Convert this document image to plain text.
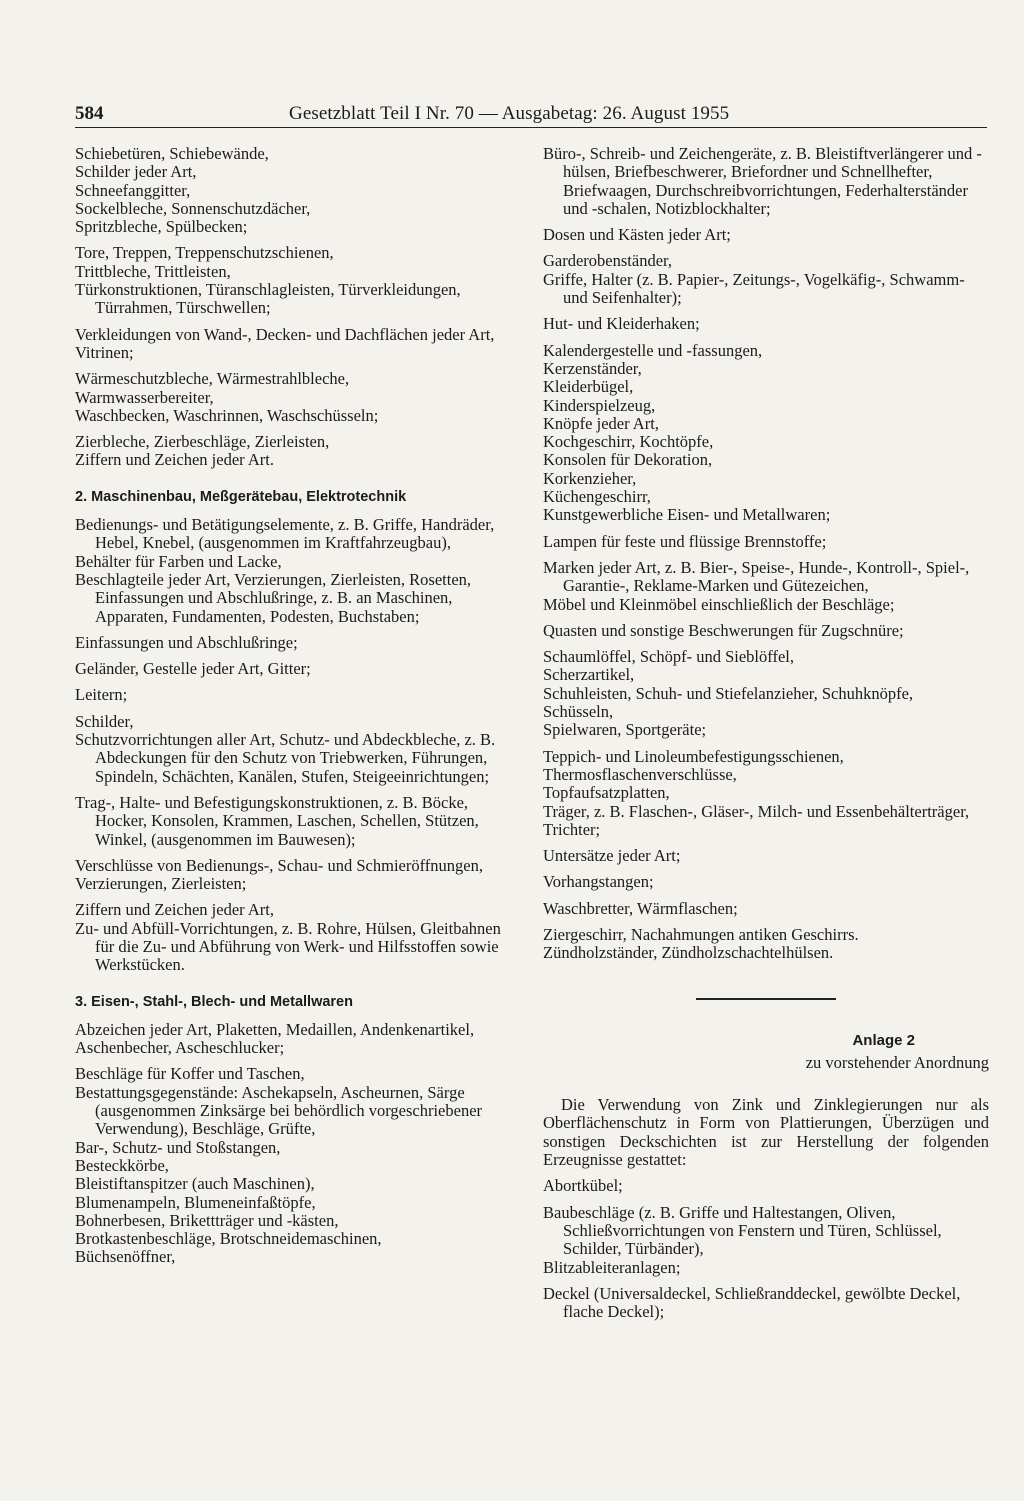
584	Gesetzblatt Teil I Nr. 70 — Ausgabetag: 26. August 1955
Schiebetüren, Schiebewände,
Schilder jeder Art,
Schneefanggitter,
Sockelbleche, Sonnenschutzdächer,
Spritzbleche, Spülbecken;
Tore, Treppen, Treppenschutzschienen,
Trittbleche, Trittleisten,
Türkonstruktionen, Türanschlagleisten, Türverkleidungen, Türrahmen, Türschwellen;
Verkleidungen von Wand-, Decken- und Dachflächen jeder Art,
Vitrinen;
Wärmeschutzbleche, Wärmestrahlbleche,
Warmwasserbereiter,
Waschbecken, Waschrinnen, Waschschüsseln;
Zierbleche, Zierbeschläge, Zierleisten,
Ziffern und Zeichen jeder Art.
2. Maschinenbau, Meßgerätebau, Elektrotechnik
Bedienungs- und Betätigungselemente, z. B. Griffe, Handräder, Hebel, Knebel, (ausgenommen im Kraftfahrzeugbau),
Behälter für Farben und Lacke,
Beschlagteile jeder Art, Verzierungen, Zierleisten, Rosetten, Einfassungen und Abschlußringe, z. B. an Maschinen, Apparaten, Fundamenten, Podesten, Buchstaben;
Einfassungen und Abschlußringe;
Geländer, Gestelle jeder Art, Gitter;
Leitern;
Schilder,
Schutzvorrichtungen aller Art, Schutz- und Abdeckbleche, z. B. Abdeckungen für den Schutz von Triebwerken, Führungen, Spindeln, Schächten, Kanälen, Stufen, Steigeeinrichtungen;
Trag-, Halte- und Befestigungskonstruktionen, z. B. Böcke, Hocker, Konsolen, Krammen, Laschen, Schellen, Stützen, Winkel, (ausgenommen im Bauwesen);
Verschlüsse von Bedienungs-, Schau- und Schmieröffnungen,
Verzierungen, Zierleisten;
Ziffern und Zeichen jeder Art,
Zu- und Abfüll-Vorrichtungen, z. B. Rohre, Hülsen, Gleitbahnen für die Zu- und Abführung von Werk- und Hilfsstoffen sowie Werkstücken.
3. Eisen-, Stahl-, Blech- und Metallwaren
Abzeichen jeder Art, Plaketten, Medaillen, Andenkenartikel,
Aschenbecher, Ascheschlucker;
Beschläge für Koffer und Taschen,
Bestattungsgegenstände: Aschekapseln, Ascheurnen, Särge (ausgenommen Zinksärge bei behördlich vorgeschriebener Verwendung), Beschläge, Grüfte,
Bar-, Schutz- und Stoßstangen,
Besteckkörbe,
Bleistiftanspitzer (auch Maschinen),
Blumenampeln, Blumeneinfaßtöpfe,
Bohnerbesen, Brikettträger und -kästen,
Brotkastenbeschläge, Brotschneidemaschinen,
Büchsenöffner,
Büro-, Schreib- und Zeichengeräte, z. B. Bleistiftverlängerer und -hülsen, Briefbeschwerer, Briefordner und Schnellhefter, Briefwaagen, Durchschreibvorrichtungen, Federhalterständer und -schalen, Notizblockhalter;
Dosen und Kästen jeder Art;
Garderobenständer,
Griffe, Halter (z. B. Papier-, Zeitungs-, Vogelkäfig-, Schwamm- und Seifenhalter);
Hut- und Kleiderhaken;
Kalendergestelle und -fassungen,
Kerzenständer,
Kleiderbügel,
Kinderspielzeug,
Knöpfe jeder Art,
Kochgeschirr, Kochtöpfe,
Konsolen für Dekoration,
Korkenzieher,
Küchengeschirr,
Kunstgewerbliche Eisen- und Metallwaren;
Lampen für feste und flüssige Brennstoffe;
Marken jeder Art, z. B. Bier-, Speise-, Hunde-, Kontroll-, Spiel-, Garantie-, Reklame-Marken und Gütezeichen,
Möbel und Kleinmöbel einschließlich der Beschläge;
Quasten und sonstige Beschwerungen für Zugschnüre;
Schaumlöffel, Schöpf- und Sieblöffel,
Scherzartikel,
Schuhleisten, Schuh- und Stiefelanzieher, Schuhknöpfe,
Schüsseln,
Spielwaren, Sportgeräte;
Teppich- und Linoleumbefestigungsschienen,
Thermosflaschenverschlüsse,
Topfaufsatzplatten,
Träger, z. B. Flaschen-, Gläser-, Milch- und Essenbehälterträger,
Trichter;
Untersätze jeder Art;
Vorhangstangen;
Waschbretter, Wärmflaschen;
Ziergeschirr, Nachahmungen antiken Geschirrs.
Zündholzständer, Zündholzschachtelhülsen.
Anlage 2
zu vorstehender Anordnung
Die Verwendung von Zink und Zinklegierungen nur als Oberflächenschutz in Form von Plattierungen, Überzügen und sonstigen Deckschichten ist zur Herstellung der folgenden Erzeugnisse gestattet:
Abortkübel;
Baubeschläge (z. B. Griffe und Haltestangen, Oliven, Schließvorrichtungen von Fenstern und Türen, Schlüssel, Schilder, Türbänder),
Blitzableiteranlagen;
Deckel (Universaldeckel, Schließranddeckel, gewölbte Deckel, flache Deckel);
